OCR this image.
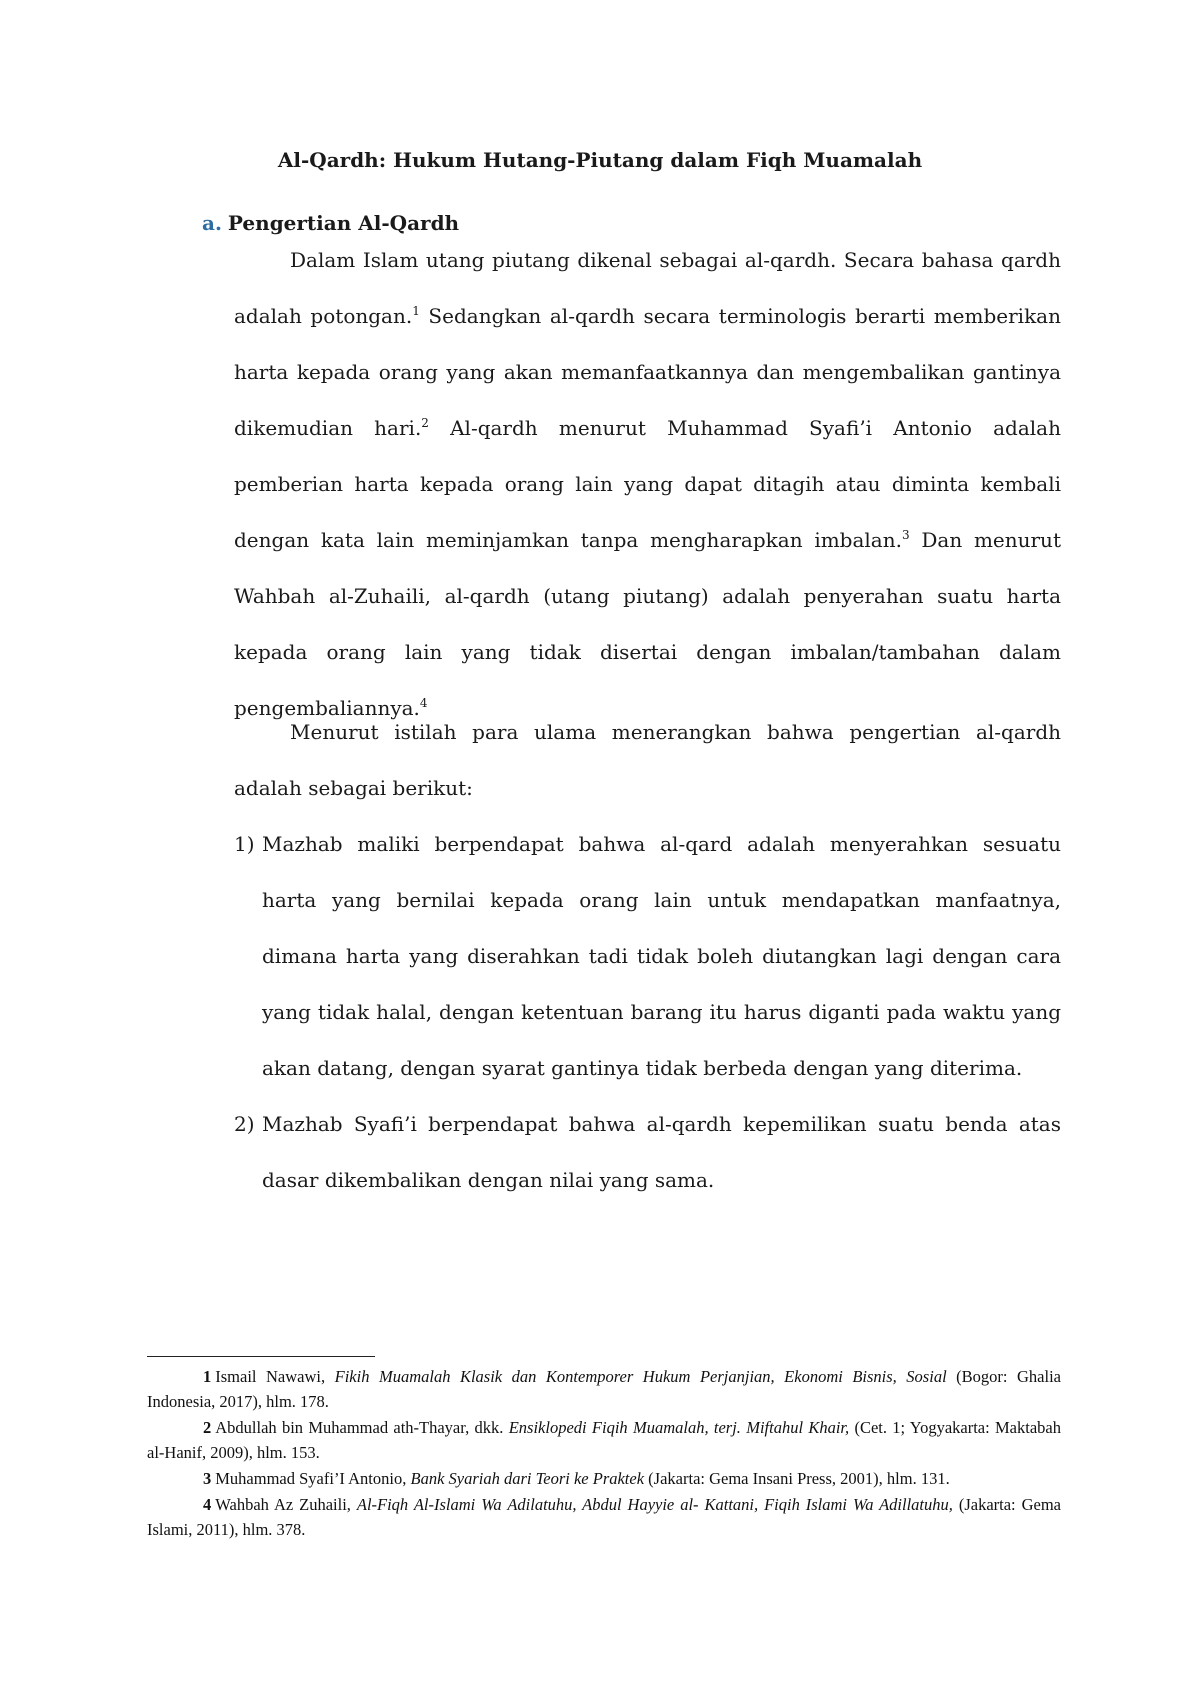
Al-Qardh: Hukum Hutang-Piutang dalam Fiqh Muamalah
a. Pengertian Al-Qardh

Dalam Islam utang piutang dikenal sebagai al-qardh. Secara bahasa qardh adalah potongan.$^1$ Sedangkan al-qardh secara terminologis berarti memberikan harta kepada orang yang akan memanfaatkannya dan mengembalikan gantinya dikemudian hari.$^2$ Al-qardh menurut Muhammad Syafi’i Antonio adalah pemberian harta kepada orang lain yang dapat ditagih atau diminta kembali dengan kata lain meminjamkan tanpa mengharapkan imbalan.$^3$ Dan menurut Wahbah al-Zuhaili, al-qardh (utang piutang) adalah penyerahan suatu harta kepada orang lain yang tidak disertai dengan imbalan/tambahan dalam pengembaliannya.$^4$

Menurut istilah para ulama menerangkan bahwa pengertian al-qardh adalah sebagai berikut:

1) Mazhab maliki berpendapat bahwa al-qard adalah menyerahkan sesuatu harta yang bernilai kepada orang lain untuk mendapatkan manfaatnya, dimana harta yang diserahkan tadi tidak boleh diutangkan lagi dengan cara yang tidak halal, dengan ketentuan barang itu harus diganti pada waktu yang akan datang, dengan syarat gantinya tidak berbeda dengan yang diterima.
2) Mazhab Syafi’i berpendapat bahwa al-qardh kepemilikan suatu benda atas dasar dikembalikan dengan nilai yang sama.

1 Ismail Nawawi, Fikih Muamalah Klasik dan Kontemporer Hukum Perjanjian, Ekonomi Bisnis, Sosial (Bogor: Ghalia Indonesia, 2017), hlm. 178.

2 Abdullah bin Muhammad ath-Thayar, dkk. Ensiklopedi Fiqih Muamalah, terj. Miftahul Khair, (Cet. 1; Yogyakarta: Maktabah al-Hanif, 2009), hlm. 153.

3 Muhammad Syafi’I Antonio, Bank Syariah dari Teori ke Praktek (Jakarta: Gema Insani Press, 2001), hlm. 131.

4 Wahbah Az Zuhaili, Al-Fiqh Al-Islami Wa Adilatuhu, Abdul Hayyie al- Kattani, Fiqih Islami Wa Adillatuhu, (Jakarta: Gema Islami, 2011), hlm. 378.
